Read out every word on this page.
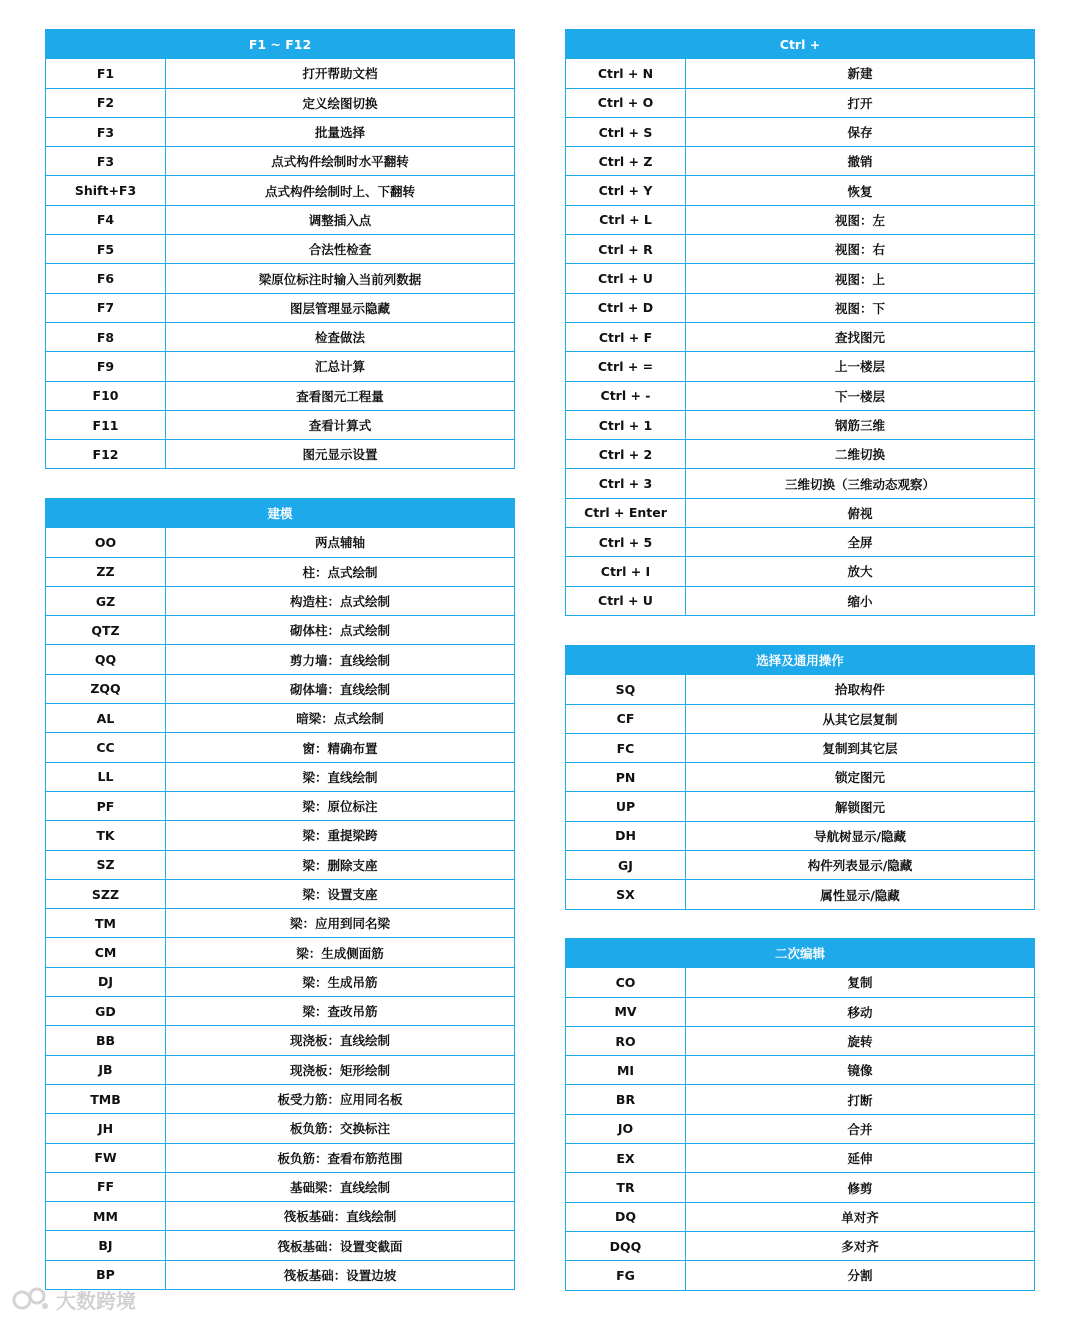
F1 ~ F12	
F1	打开帮助文档
F2	定义绘图切换
F3	批量选择
F3	点式构件绘制时水平翻转
Shift+F3	点式构件绘制时上、下翻转
F4	调整插入点
F5	合法性检查
F6	梁原位标注时输入当前列数据
F7	图层管理显示隐藏
F8	检查做法
F9	汇总计算
F10	查看图元工程量
F11	查看计算式
F12	图元显示设置
建模	
OO	两点辅轴
ZZ	柱：点式绘制
GZ	构造柱：点式绘制
QTZ	砌体柱：点式绘制
QQ	剪力墙：直线绘制
ZQQ	砌体墙：直线绘制
AL	暗梁：点式绘制
CC	窗：精确布置
LL	梁：直线绘制
PF	梁：原位标注
TK	梁：重提梁跨
SZ	梁：删除支座
SZZ	梁：设置支座
TM	梁：应用到同名梁
CM	梁：生成侧面筋
DJ	梁：生成吊筋
GD	梁：查改吊筋
BB	现浇板：直线绘制
JB	现浇板：矩形绘制
TMB	板受力筋：应用同名板
JH	板负筋：交换标注
FW	板负筋：查看布筋范围
FF	基础梁：直线绘制
MM	筏板基础：直线绘制
BJ	筏板基础：设置变截面
BP	筏板基础：设置边坡
Ctrl +	
Ctrl + N	新建
Ctrl + O	打开
Ctrl + S	保存
Ctrl + Z	撤销
Ctrl + Y	恢复
Ctrl + L	视图：左
Ctrl + R	视图：右
Ctrl + U	视图：上
Ctrl + D	视图：下
Ctrl + F	查找图元
Ctrl + =	上一楼层
Ctrl + -	下一楼层
Ctrl + 1	钢筋三维
Ctrl + 2	二维切换
Ctrl + 3	三维切换（三维动态观察）
Ctrl + Enter	俯视
Ctrl + 5	全屏
Ctrl + I	放大
Ctrl + U	缩小
选择及通用操作	
SQ	拾取构件
CF	从其它层复制
FC	复制到其它层
PN	锁定图元
UP	解锁图元
DH	导航树显示/隐藏
GJ	构件列表显示/隐藏
SX	属性显示/隐藏
二次编辑	
CO	复制
MV	移动
RO	旋转
MI	镜像
BR	打断
JO	合并
EX	延伸
TR	修剪
DQ	单对齐
DQQ	多对齐
FG	分割
大数跨境
